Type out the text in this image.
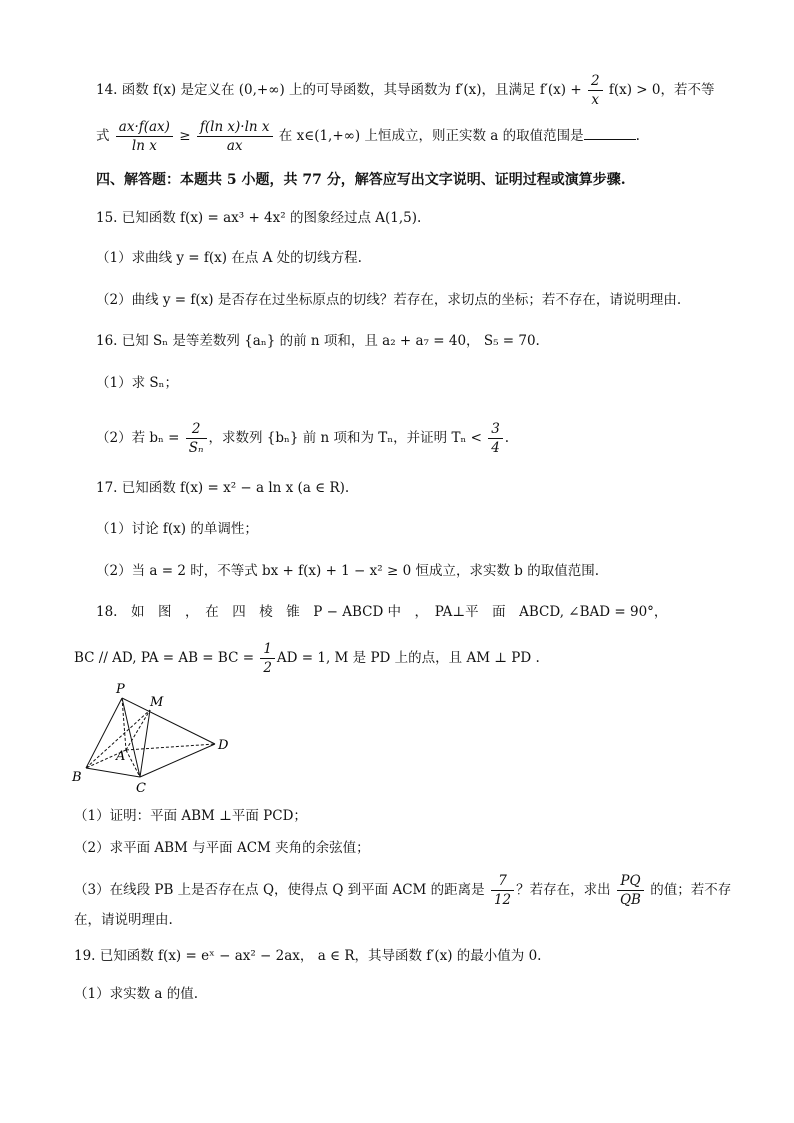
14. 函数 f(x) 是定义在 (0,+∞) 上的可导函数，其导函数为 f′(x)，且满足 $f'(x) + \frac{2}{x} f(x) > 0$，若不等
式 $\frac{ax\cdot f(ax)}{\text{ln x}} \ge \frac{\text{f(ln x)·ln x}}{ax}$ 在 x∈(1,+∞) 上恒成立，则正实数 a 的取值范围是	.
四、解答题：本题共 5 小题，共 77 分，解答应写出文字说明、证明过程或演算步骤.
15. 已知函数 f(x) = ax³ + 4x² 的图象经过点 A(1,5).
（1）求曲线 y = f(x) 在点 A 处的切线方程.
（2）曲线 y = f(x) 是否存在过坐标原点的切线？若存在，求切点的坐标；若不存在，请说明理由.
16. 已知 Sₙ 是等差数列 {aₙ} 的前 n 项和，且 a₂ + a₇ = 40， S₅ = 70.
（1）求 Sₙ；
（2）若 $b_n = \frac{2}{\text{Sₙ}}$ ，求数列 {bₙ} 前 n 项和为 Tₙ，并证明 $T_n < \frac{3}{4}$ .
17. 已知函数 f(x) = x² − a ln x (a ∈ R).
（1）讨论 f(x) 的单调性；
（2）当 a = 2 时，不等式 bx + f(x) + 1 − x² ≥ 0 恒成立，求实数 b 的取值范围.
18.　如　图　，　在　四　棱　锥　P − ABCD 中　，　PA⊥平　面　ABCD, ∠BAD = 90°，
BC // AD, PA = AB = BC = $\frac{1}{2}$ AD = 1, M 是 PD 上的点，且 AM ⊥ PD .
P
M
A
B
C
D
（1）证明：平面 ABM ⊥平面 PCD；
（2）求平面 ABM 与平面 ACM 夹角的余弦值；
（3）在线段 PB 上是否存在点 Q，使得点 Q 到平面 ACM 的距离是 $\frac{7}{12}$ ？若存在，求出 $\frac{PQ}{QB}$ 的值；若不存
在，请说明理由.
19. 已知函数 f(x) = eˣ − ax² − 2ax， a ∈ R，其导函数 f′(x) 的最小值为 0.
（1）求实数 a 的值.
